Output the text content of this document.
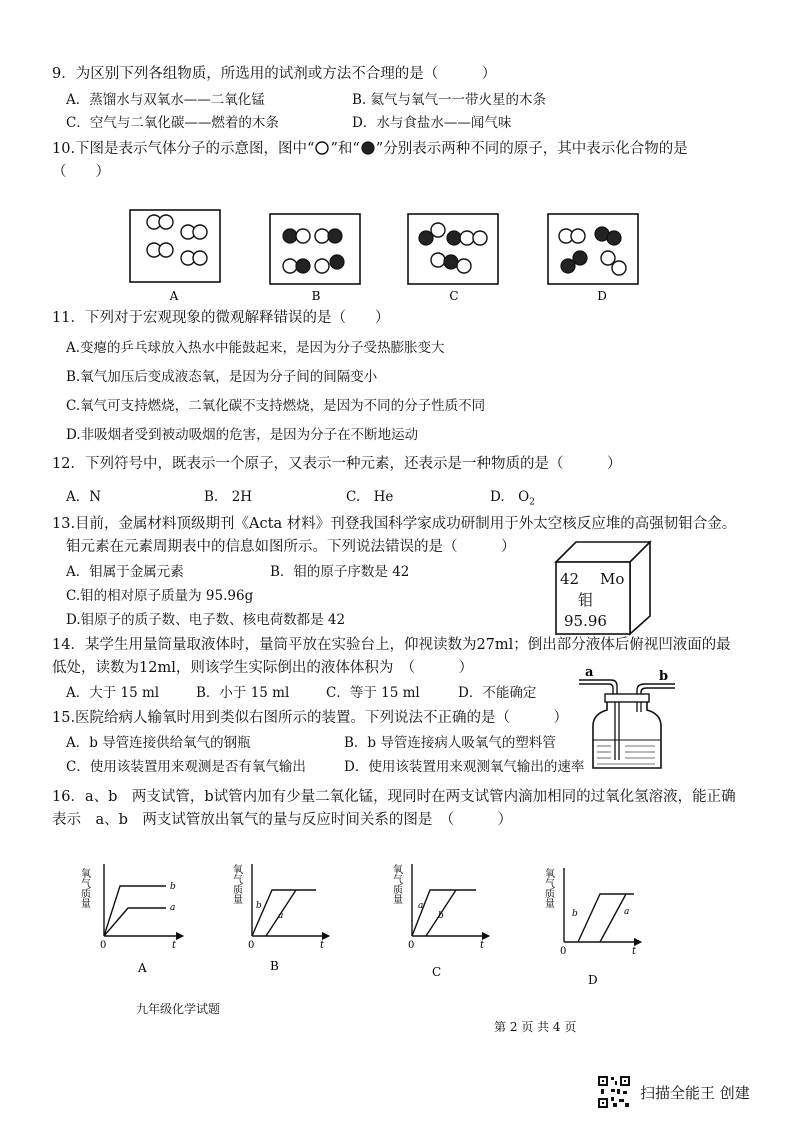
9．为区别下列各组物质，所选用的试剂或方法不合理的是（　　　）
A．蒸馏水与双氧水——二氧化锰	B. 氦气与氧气一一带火星的木条
C．空气与二氧化碳——燃着的木条	D．水与食盐水——闻气味
10.下图是表示气体分子的示意图，图中“ ”和“ ”分别表示两种不同的原子，其中表示化合物的是
（　　）
A	B	C	D
11．下列对于宏观现象的微观解释错误的是（　　）
A.变瘪的乒乓球放入热水中能鼓起来，是因为分子受热膨胀变大
B.氧气加压后变成液态氧，是因为分子间的间隔变小
C.氧气可支持燃烧，二氧化碳不支持燃烧，是因为不同的分子性质不同
D.非吸烟者受到被动吸烟的危害，是因为分子在不断地运动
12．下列符号中，既表示一个原子，又表示一种元素，还表示是一种物质的是（　　　）
A．N	B.　2H	C.　He	D.　$O_2$
13.目前，金属材料顶级期刊《Acta 材料》刊登我国科学家成功研制用于外太空核反应堆的高强韧钼合金。
钼元素在元素周期表中的信息如图所示。下列说法错误的是（　　　）
A．钼属于金属元素	B．钼的原子序数是 42
C.钼的相对原子质量为 95.96g
D.钼原子的质子数、电子数、核电荷数都是 42
42 Mo
钼
95.96
14．某学生用量筒量取液体时，量筒平放在实验台上，仰视读数为27ml；倒出部分液体后俯视凹液面的最
低处，读数为12ml，则该学生实际倒出的液体体积为　（　　　）
A．大于 15 ml	B．小于 15 ml	C．等于 15 ml	D．不能确定
a	b
15.医院给病人输氧时用到类似右图所示的装置。下列说法不正确的是（　　　）
A．b 导管连接供给氧气的钢瓶	B．b 导管连接病人吸氧气的塑料管
C．使用该装置用来观测是否有氧气输出	D．使用该装置用来观测氧气输出的速率
16．a、b　两支试管，b试管内加有少量二氧化锰，现同时在两支试管内滴加相同的过氧化氢溶液，能正确
表示　a、b　两支试管放出氧气的量与反应时间关系的图是　（　　　）
氧气质量
0	t
b
a
A
氧气质量
0	t
b
a
B
氧气质量
0	t
a
b
C
氧气质量
0	t
b	a
D
九年级化学试题
第 2 页 共 4 页
扫描全能王 创建
